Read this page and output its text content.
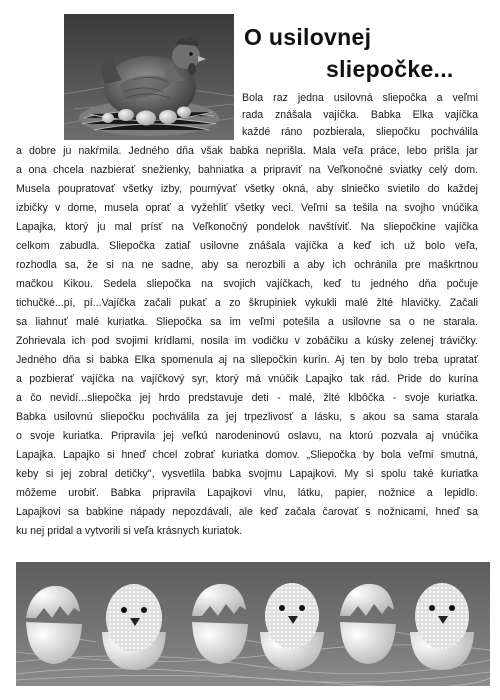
O usilovnej
sliepočke...
Bola raz jedna usilovná sliepočka a veľmi
rada znášala vajíčka. Babka Elka vajíčka
každé ráno pozbierala, sliepočku pochválila
a dobre ju nakŕmila. Jedného dňa však babka neprišla. Mala veľa práce, lebo prišla jar
a ona chcela nazbierať snežienky, bahniatka a pripraviť na Veľkonočné sviatky celý dom.
Musela poupratovať všetky izby, poumývať všetky okná, aby slniečko svietilo do každej
izbičky v dome, musela oprať a vyžehliť všetky veci. Veľmi sa tešila na svojho vnúčika
Lapajka, ktorý ju mal prísť na Veľkonočný pondelok navštíviť. Na sliepočkine vajíčka
celkom zabudla. Sliepočka zatiaľ usilovne znášala vajíčka a keď ich už bolo veľa,
rozhodla sa, že si na ne sadne, aby sa nerozbili a aby ich ochránila pre maškrtnou
mačkou Kikou. Sedela sliepočka na svojich vajíčkach, keď tu jedného dňa počuje
tichučké...pí, pí...Vajíčka začali pukať a zo škrupiniek vykukli malé žlté hlavičky. Začali
sa liahnuť malé kuriatka. Sliepočka sa im veľmi potešila a usilovne sa o ne starala.
Zohrievala ich pod svojimi krídlami, nosila im vodičku v zobáčiku a kúsky zelenej trávičky.
Jedného dňa si babka Elka spomenula aj na sliepočkin kurín. Aj ten by bolo treba upratať
a pozbierať vajíčka na vajíčkový syr, ktorý má vnúčik Lapajko tak rád. Pride do kurína
a čo nevidí...sliepočka jej hrdo predstavuje deti - malé, žlté klbôčka - svoje kuriatka.
Babka usilovnú sliepočku pochválila za jej trpezlivosť a lásku, s akou sa sama starala
o svoje kuriatka. Pripravila jej veľkú narodeninovú oslavu, na ktorú pozvala aj vnúčika
Lapajka. Lapajko si hneď chcel zobrať kuriatka domov. „Sliepočka by bola veľmi smutná,
keby si jej zobral detičky", vysvetlila babka svojmu Lapajkovi. My si spolu také kuriatka
môžeme urobiť. Babka pripravila Lapajkovi vlnu, látku, papier, nožnice a lepidlo.
Lapajkovi sa babkine nápady nepozdávali, ale keď začala čarovať s nožnicami, hneď sa
ku nej pridal a vytvorili si veľa krásnych kuriatok.
